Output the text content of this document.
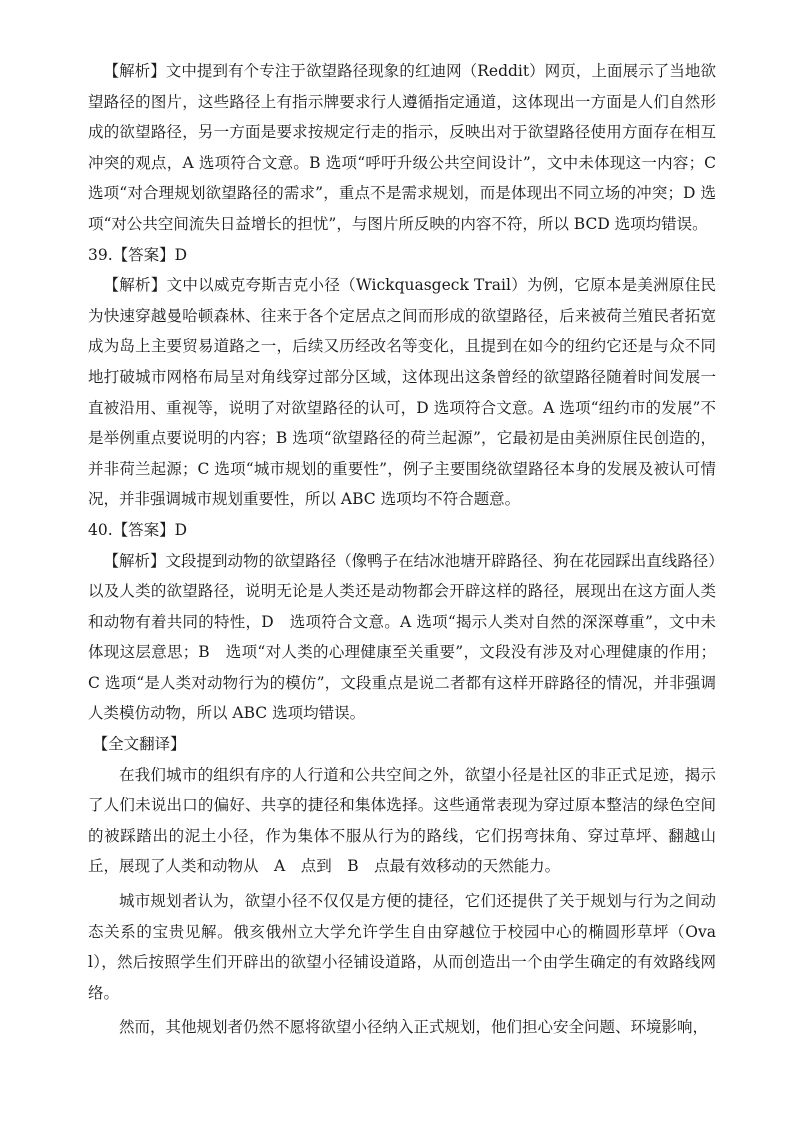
【解析】文中提到有个专注于欲望路径现象的红迪网（Reddit）网页，上面展示了当地欲望路径的图片，这些路径上有指示牌要求行人遵循指定通道，这体现出一方面是人们自然形成的欲望路径，另一方面是要求按规定行走的指示，反映出对于欲望路径使用方面存在相互冲突的观点，A 选项符合文意。B 选项“呼吁升级公共空间设计”，文中未体现这一内容；C 选项“对合理规划欲望路径的需求”，重点不是需求规划，而是体现出不同立场的冲突；D 选项“对公共空间流失日益增长的担忧”，与图片所反映的内容不符，所以 BCD 选项均错误。

39.【答案】D

【解析】文中以威克夸斯吉克小径（Wickquasgeck Trail）为例，它原本是美洲原住民为快速穿越曼哈顿森林、往来于各个定居点之间而形成的欲望路径，后来被荷兰殖民者拓宽成为岛上主要贸易道路之一，后续又历经改名等变化，且提到在如今的纽约它还是与众不同地打破城市网格布局呈对角线穿过部分区域，这体现出这条曾经的欲望路径随着时间发展一直被沿用、重视等，说明了对欲望路径的认可，D 选项符合文意。A 选项“纽约市的发展”不是举例重点要说明的内容；B 选项“欲望路径的荷兰起源”，它最初是由美洲原住民创造的，并非荷兰起源；C 选项“城市规划的重要性”，例子主要围绕欲望路径本身的发展及被认可情况，并非强调城市规划重要性，所以 ABC 选项均不符合题意。

40.【答案】D

【解析】文段提到动物的欲望路径（像鸭子在结冰池塘开辟路径、狗在花园踩出直线路径）以及人类的欲望路径，说明无论是人类还是动物都会开辟这样的路径，展现出在这方面人类和动物有着共同的特性，D　选项符合文意。A 选项“揭示人类对自然的深深尊重”，文中未体现这层意思；B　选项“对人类的心理健康至关重要”，文段没有涉及对心理健康的作用；C 选项“是人类对动物行为的模仿”，文段重点是说二者都有这样开辟路径的情况，并非强调人类模仿动物，所以 ABC 选项均错误。

【全文翻译】

在我们城市的组织有序的人行道和公共空间之外，欲望小径是社区的非正式足迹，揭示了人们未说出口的偏好、共享的捷径和集体选择。这些通常表现为穿过原本整洁的绿色空间的被踩踏出的泥土小径，作为集体不服从行为的路线，它们拐弯抹角、穿过草坪、翻越山丘，展现了人类和动物从　A　点到　B　点最有效移动的天然能力。

城市规划者认为，欲望小径不仅仅是方便的捷径，它们还提供了关于规划与行为之间动态关系的宝贵见解。俄亥俄州立大学允许学生自由穿越位于校园中心的椭圆形草坪（Oval），然后按照学生们开辟出的欲望小径铺设道路，从而创造出一个由学生确定的有效路线网络。

然而，其他规划者仍然不愿将欲望小径纳入正式规划，他们担心安全问题、环境影响，
